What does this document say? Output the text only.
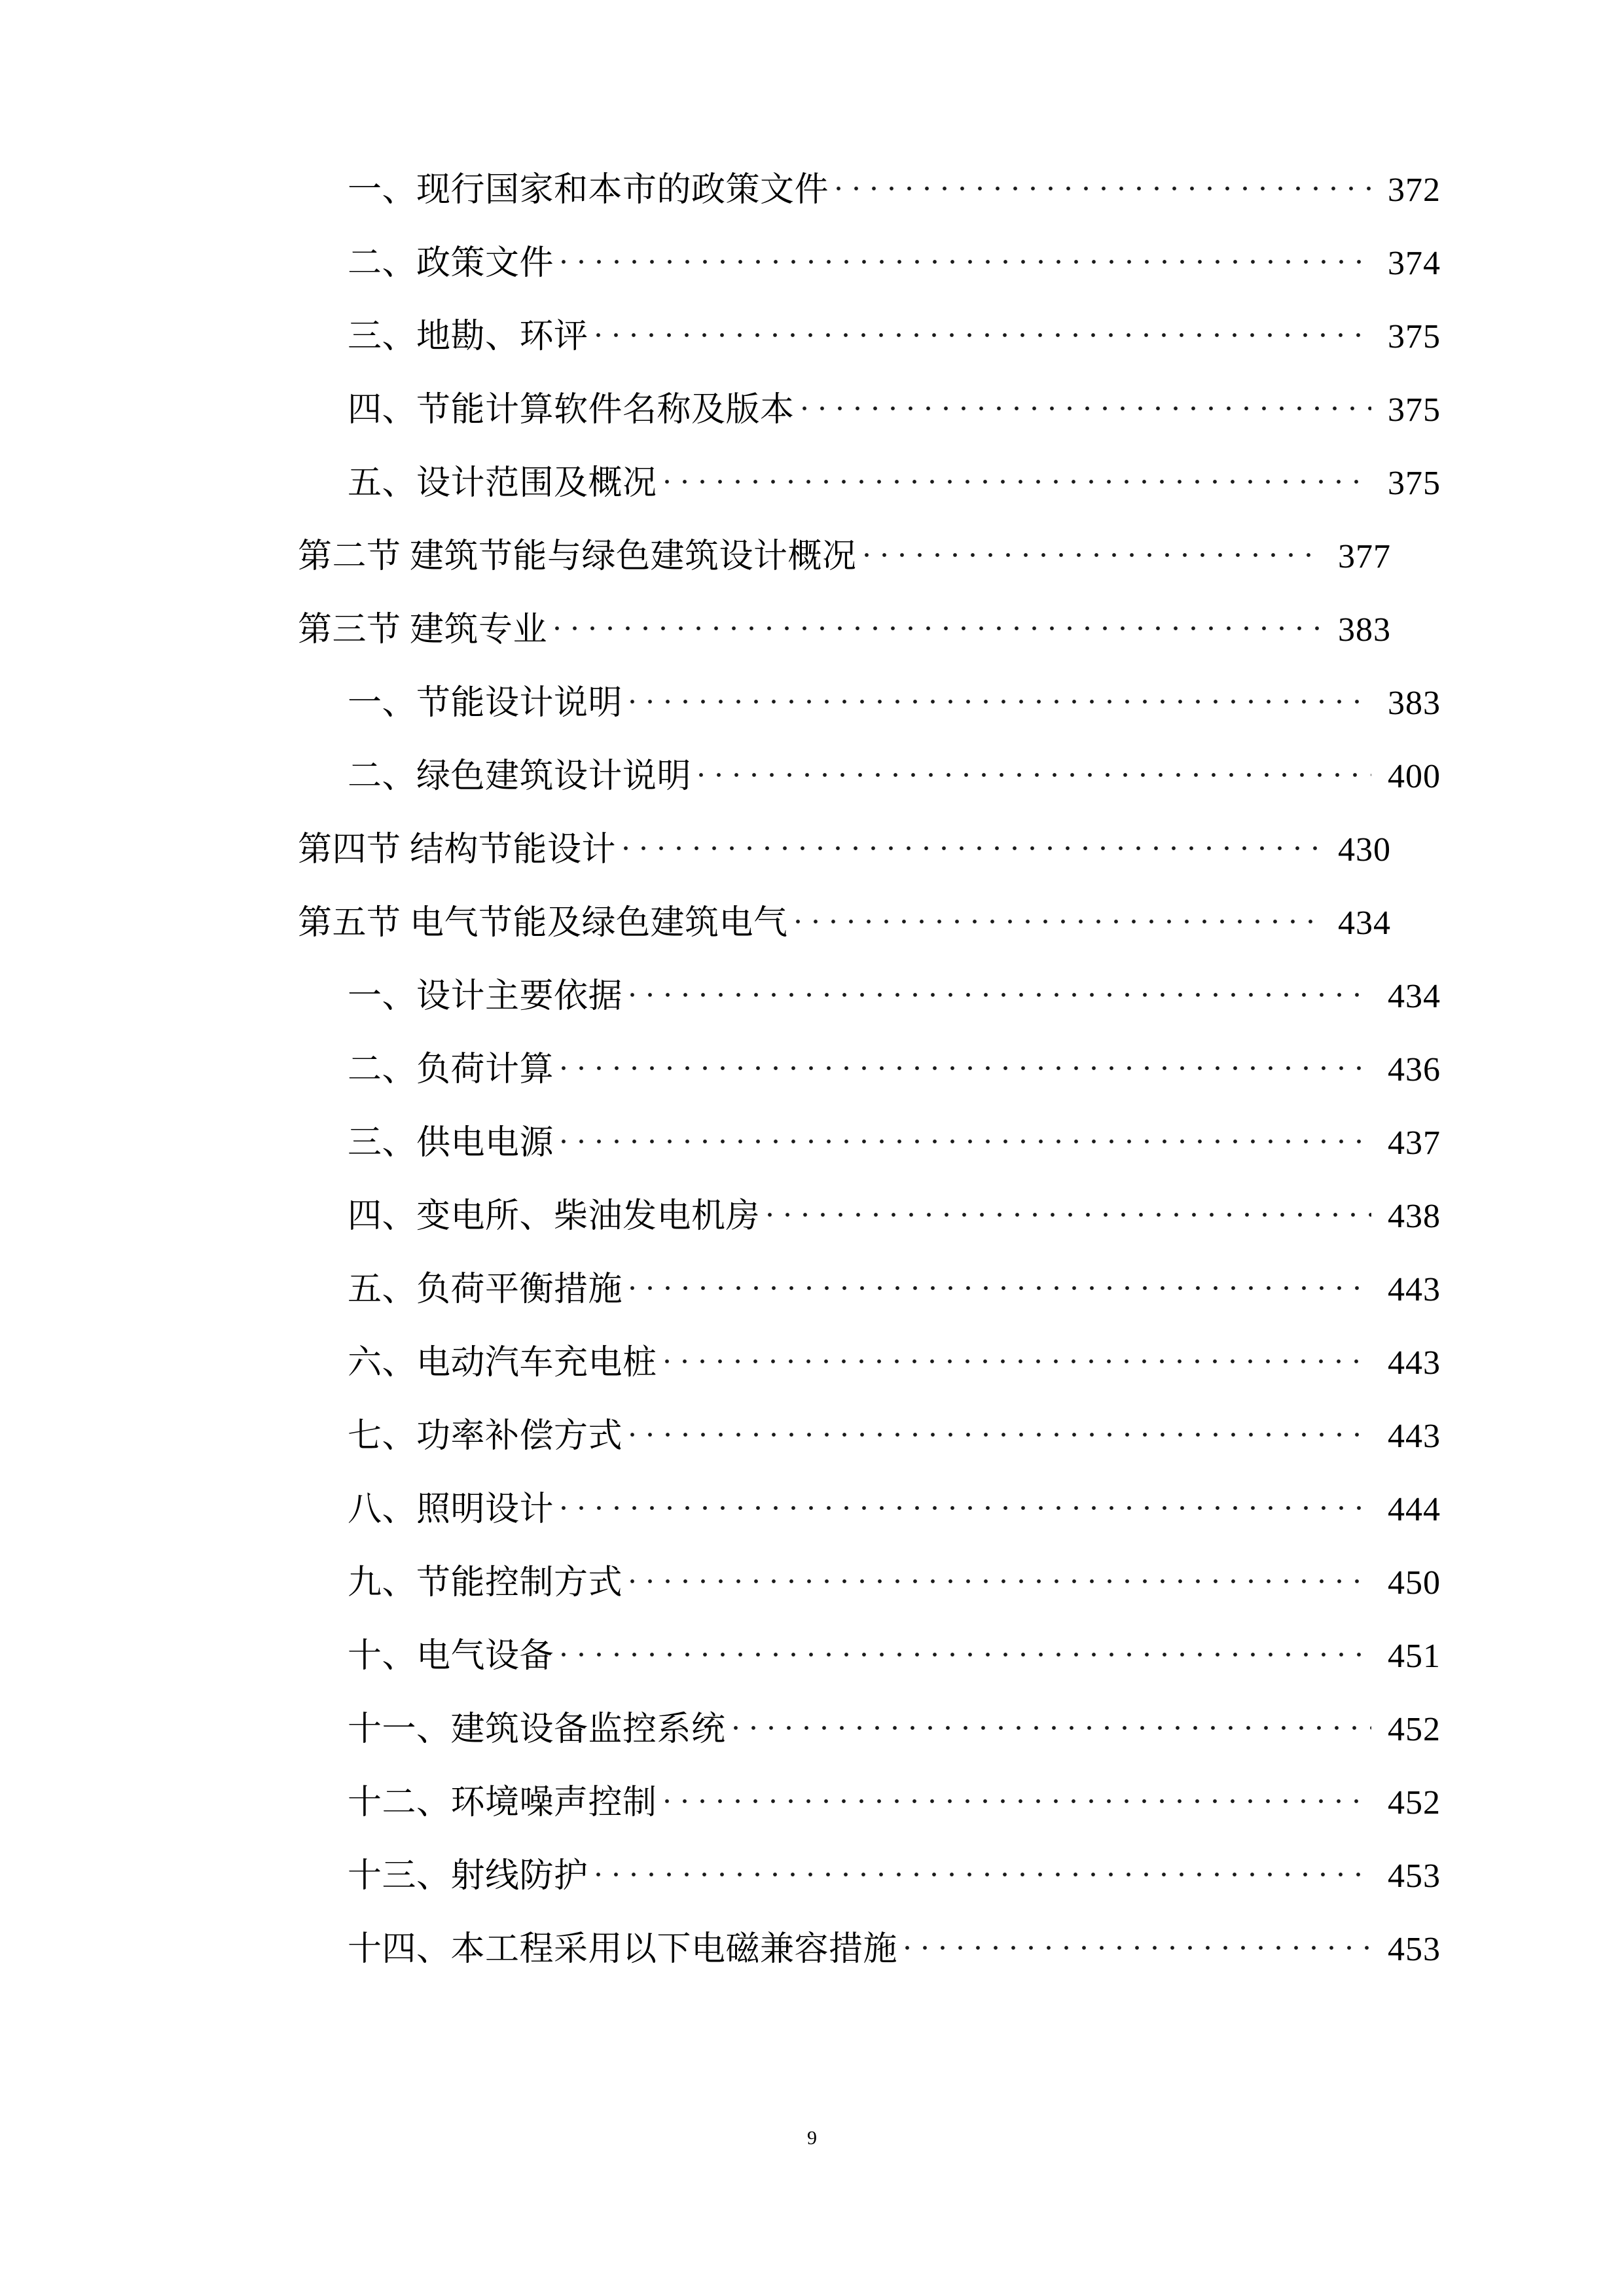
一、现行国家和本市的政策文件	372
二、政策文件	374
三、地勘、环评	375
四、节能计算软件名称及版本	375
五、设计范围及概况	375
第二节 建筑节能与绿色建筑设计概况	377
第三节 建筑专业	383
一、节能设计说明	383
二、绿色建筑设计说明	400
第四节 结构节能设计	430
第五节 电气节能及绿色建筑电气	434
一、设计主要依据	434
二、负荷计算	436
三、供电电源	437
四、变电所、柴油发电机房	438
五、负荷平衡措施	443
六、电动汽车充电桩	443
七、功率补偿方式	443
八、照明设计	444
九、节能控制方式	450
十、电气设备	451
十一、建筑设备监控系统	452
十二、环境噪声控制	452
十三、射线防护	453
十四、本工程采用以下电磁兼容措施	453
9
